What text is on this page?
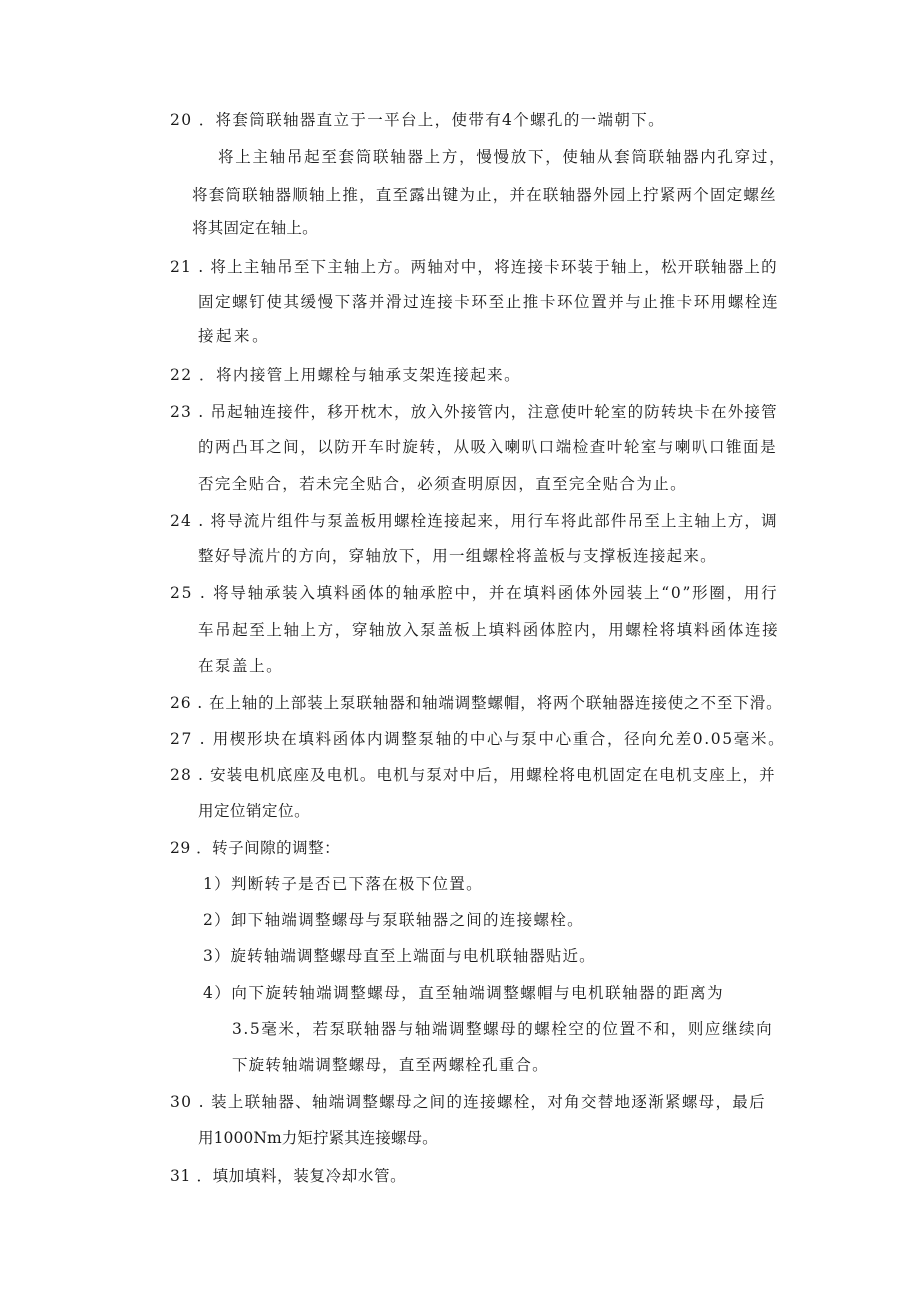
20 ．将套筒联轴器直立于一平台上，使带有4个螺孔的一端朝下。
将上主轴吊起至套筒联轴器上方，慢慢放下，使轴从套筒联轴器内孔穿过，
将套筒联轴器顺轴上推，直至露出键为止，并在联轴器外园上拧紧两个固定螺丝
将其固定在轴上。
21 . 将上主轴吊至下主轴上方。两轴对中，将连接卡环装于轴上，松开联轴器上的
固定螺钉使其缓慢下落并滑过连接卡环至止推卡环位置并与止推卡环用螺栓连
接起来。
22 ．将内接管上用螺栓与轴承支架连接起来。
23 . 吊起轴连接件，移开枕木，放入外接管内，注意使叶轮室的防转块卡在外接管
的两凸耳之间，以防开车时旋转，从吸入喇叭口端检查叶轮室与喇叭口锥面是
否完全贴合，若未完全贴合，必须查明原因，直至完全贴合为止。
24 . 将导流片组件与泵盖板用螺栓连接起来，用行车将此部件吊至上主轴上方，调
整好导流片的方向，穿轴放下，用一组螺栓将盖板与支撑板连接起来。
25 . 将导轴承装入填料函体的轴承腔中，并在填料函体外园装上“0”形圈，用行
车吊起至上轴上方，穿轴放入泵盖板上填料函体腔内，用螺栓将填料函体连接
在泵盖上。
26 . 在上轴的上部装上泵联轴器和轴端调整螺帽，将两个联轴器连接使之不至下滑。
27 . 用楔形块在填料函体内调整泵轴的中心与泵中心重合，径向允差0.05毫米。
28 . 安装电机底座及电机。电机与泵对中后，用螺栓将电机固定在电机支座上，并
用定位销定位。
29 ．转子间隙的调整：
1）判断转子是否已下落在极下位置。
2）卸下轴端调整螺母与泵联轴器之间的连接螺栓。
3）旋转轴端调整螺母直至上端面与电机联轴器贴近。
4）向下旋转轴端调整螺母，直至轴端调整螺帽与电机联轴器的距离为
3.5毫米，若泵联轴器与轴端调整螺母的螺栓空的位置不和，则应继续向
下旋转轴端调整螺母，直至两螺栓孔重合。
30 . 装上联轴器、轴端调整螺母之间的连接螺栓，对角交替地逐渐紧螺母，最后
用1000Nm力矩拧紧其连接螺母。
31 ．填加填料，装复冷却水管。
